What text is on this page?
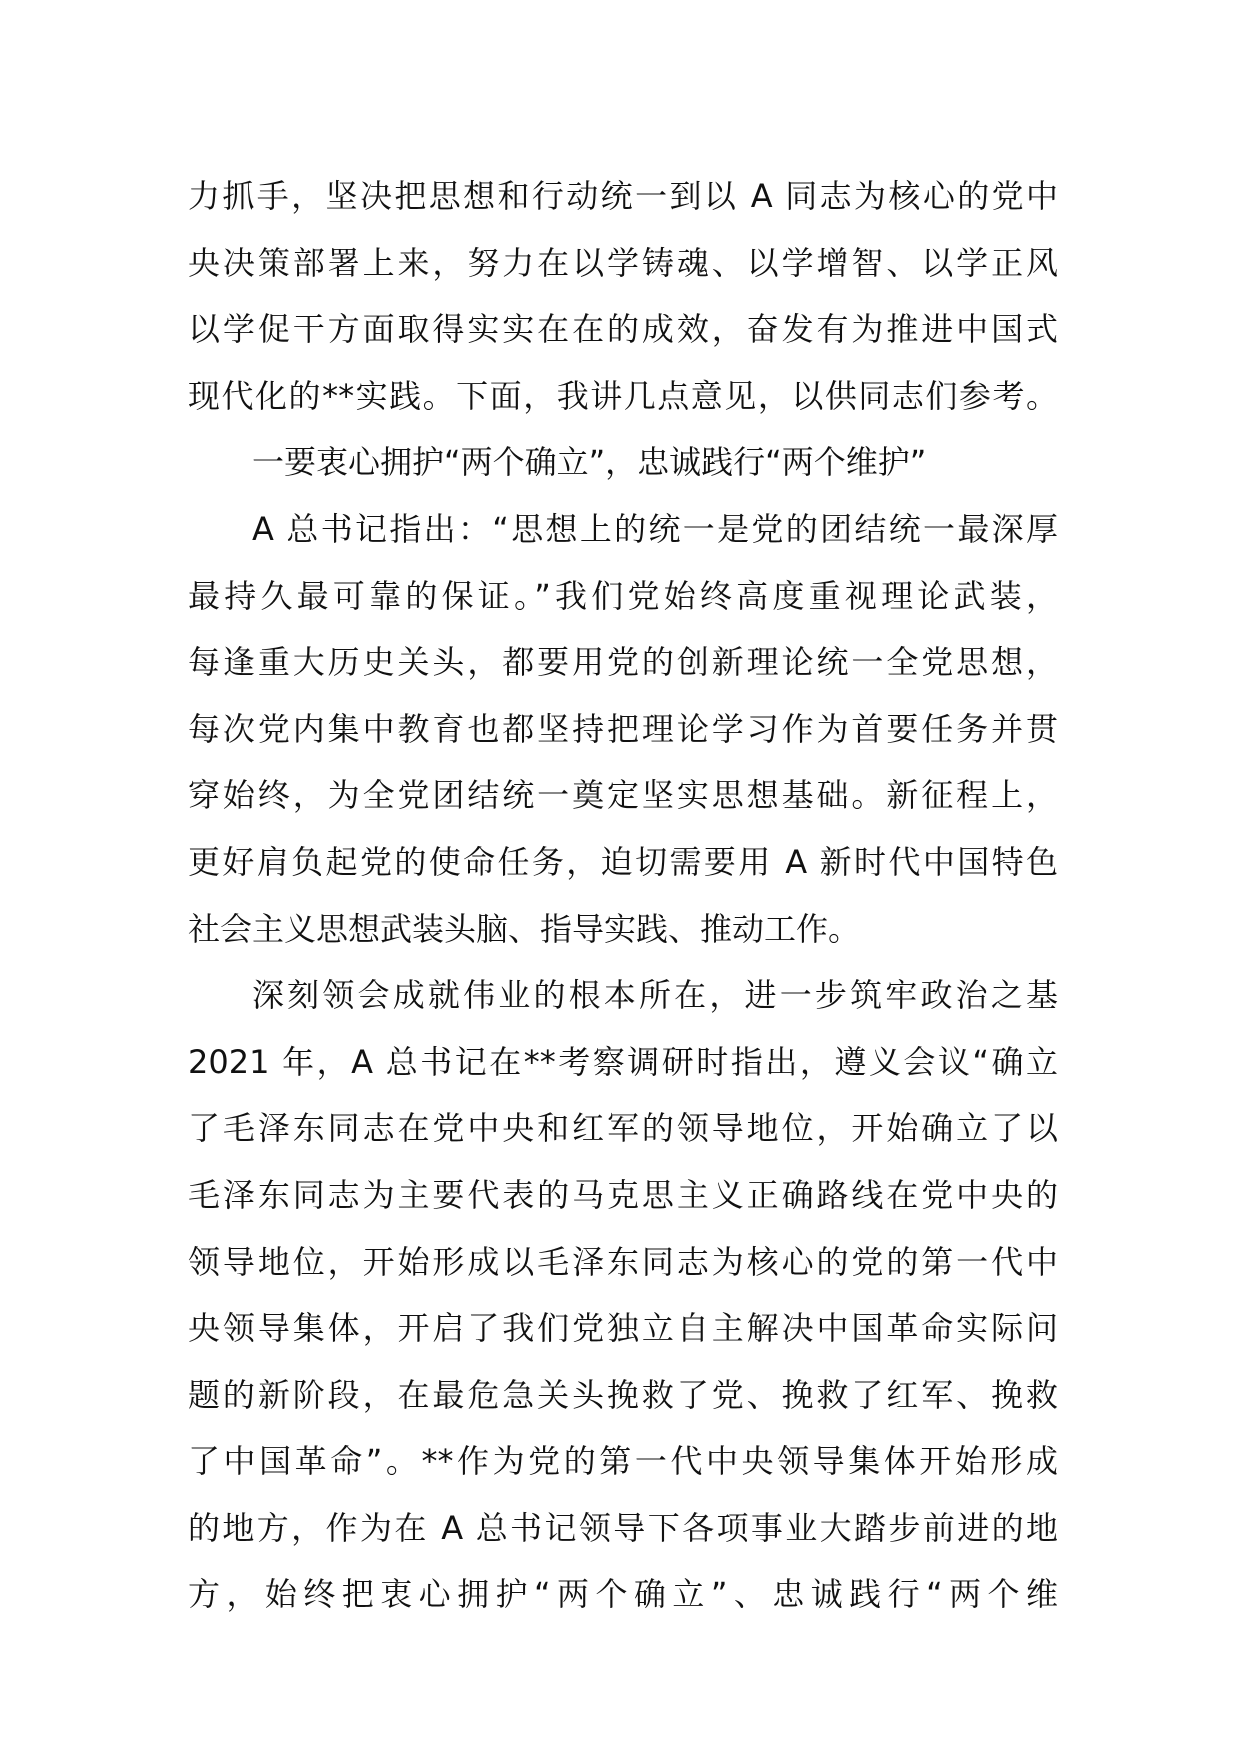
力抓手，坚决把思想和行动统一到以 A 同志为核心的党中
央决策部署上来，努力在以学铸魂、以学增智、以学正风
以学促干方面取得实实在在的成效，奋发有为推进中国式
现代化的**实践。下面，我讲几点意见，以供同志们参考。
一要衷心拥护“两个确立”，忠诚践行“两个维护”
A 总书记指出：“思想上的统一是党的团结统一最深厚
最持久最可靠的保证。”我们党始终高度重视理论武装，
每逢重大历史关头，都要用党的创新理论统一全党思想，
每次党内集中教育也都坚持把理论学习作为首要任务并贯
穿始终，为全党团结统一奠定坚实思想基础。新征程上，
更好肩负起党的使命任务，迫切需要用 A 新时代中国特色
社会主义思想武装头脑、指导实践、推动工作。
深刻领会成就伟业的根本所在，进一步筑牢政治之基
2021 年，A 总书记在**考察调研时指出，遵义会议“确立
了毛泽东同志在党中央和红军的领导地位，开始确立了以
毛泽东同志为主要代表的马克思主义正确路线在党中央的
领导地位，开始形成以毛泽东同志为核心的党的第一代中
央领导集体，开启了我们党独立自主解决中国革命实际问
题的新阶段，在最危急关头挽救了党、挽救了红军、挽救
了中国革命”。**作为党的第一代中央领导集体开始形成
的地方，作为在 A 总书记领导下各项事业大踏步前进的地
方，始终把衷心拥护“两个确立”、忠诚践行“两个维
